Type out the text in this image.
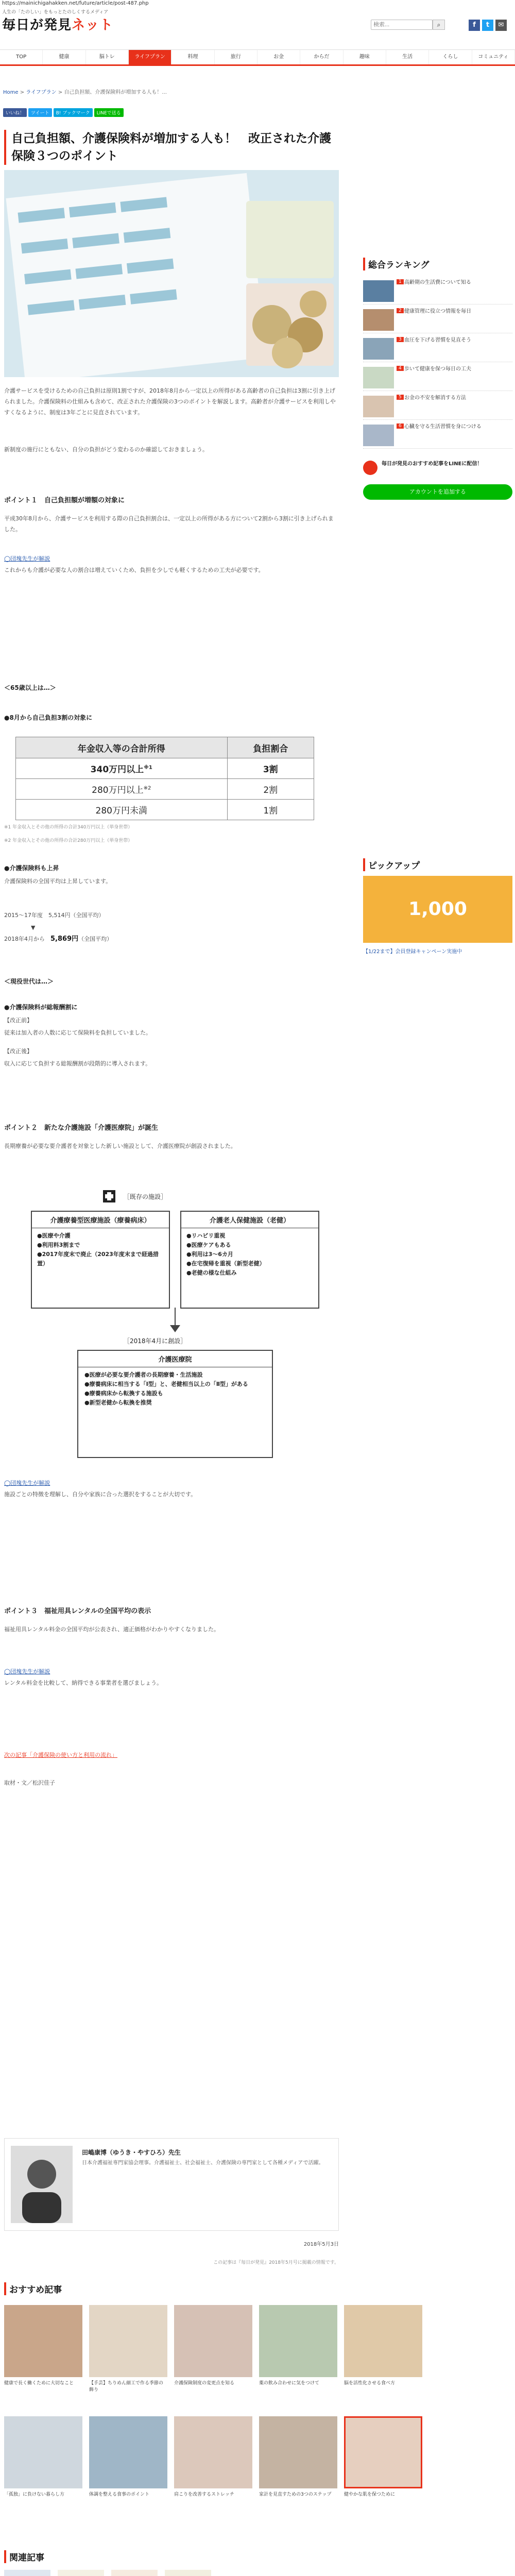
https://mainichigahakken.net/future/article/post-487.php
人生の「たのしい」をもっとたのしくするメディア
毎日が発見ネット
検索...	⌕	f	t	✉
TOP	健康	脳トレ	ライフプラン	料理	旅行	お金	からだ	趣味	生活	くらし	コミュニティ
Home > ライフプラン > 自己負担額、介護保険料が増加する人も！...
いいね！	ツイート	B! ブックマーク	LINEで送る
自己負担額、介護保険料が増加する人も！　改正された介護保険３つのポイント
介護サービスを受けるための自己負担は原則1割ですが、2018年8月から一定以上の所得がある高齢者の自己負担は3割に引き上げられました。介護保険料の仕組みも含めて、改正された介護保険の3つのポイントを解説します。高齢者が介護サービスを利用しやすくなるように、制度は3年ごとに見直されています。
新制度の施行にともない、自分の負担がどう変わるのか確認しておきましょう。
ポイント１　自己負担額が増額の対象に
平成30年8月から、介護サービスを利用する際の自己負担割合は、一定以上の所得がある方について2割から3割に引き上げられました。
◯団塊先生が解説
これからも介護が必要な人の割合は増えていくため、負担を少しでも軽くするための工夫が必要です。
＜65歳以上は…＞
●8月から自己負担3割の対象に
年金収入等の合計所得	負担割合
340万円以上$^{※1}$	3割
280万円以上$^{※2}$	2割
280万円未満	1割
※1 年金収入とその他の所得の合計340万円以上（単身世帯）
※2 年金収入とその他の所得の合計280万円以上（単身世帯）
●介護保険料も上昇
介護保険料の全国平均は上昇しています。
2015〜17年度　5,514円（全国平均）
▼
2018年4月から　 5,869円（全国平均）
＜現役世代は…＞
●介護保険料が総報酬割に
【改正前】
従来は加入者の人数に応じて保険料を負担していました。
【改正後】
収入に応じて負担する総報酬割が段階的に導入されます。
ポイント２　新たな介護施設「介護医療院」が誕生
長期療養が必要な要介護者を対象とした新しい施設として、介護医療院が創設されました。
［既存の施設］
介護療養型医療施設（療養病床）
●医療や介護
●利用料3割まで
●2017年度末で廃止（2023年度末まで経過措置）
介護老人保健施設（老健）
●リハビリ重視
●医療ケアもある
●利用は3〜6カ月
●在宅復帰を重視（新型老健）
●老健の様な仕組み
［2018年4月に創設］
介護医療院
●医療が必要な要介護者の長期療養・生活施設
●療養病床に相当する「Ⅰ型」と、老健相当以上の「Ⅱ型」がある
●療養病床から転換する施設も
●新型老健から転換を推奨
◯団塊先生が解説
施設ごとの特徴を理解し、自分や家族に合った選択をすることが大切です。
ポイント３　福祉用具レンタルの全国平均の表示
福祉用具レンタル料金の全国平均が公表され、適正価格がわかりやすくなりました。
◯団塊先生が解説
レンタル料金を比較して、納得できる事業者を選びましょう。
次の記事「介護保険の使い方と利用の流れ」
取材・文／松沢佳子
田嶋康博（ゆうき・やすひろ）先生
日本介護福祉専門家協会理事。介護福祉士、社会福祉士、介護保険の専門家として各種メディアで活躍。
2018年5月3日
この記事は『毎日が発見』2018年5月号に掲載の情報です。
おすすめ記事
健康で長く働くために大切なこと	【手芸】ちりめん細工で作る季節の飾り
介護保険制度の変更点を知る	薬の飲み合わせに気をつけて	脳を活性化させる食べ方
「孤独」に負けない暮らし方	体調を整える食事のポイント	肩こりを改善するストレッチ	家計を見直すための3つのステップ	健やかな肌を保つために
関連記事
総合ランキング
1 高齢期の生活費について知る
2 健康管理に役立つ情報を毎日
3 血圧を下げる習慣を見直そう
4 歩いて健康を保つ毎日の工夫
5 お金の不安を解消する方法
6 心臓を守る生活習慣を身につける
毎日が発見のおすすめ記事をLINEに配信！
アカウントを追加する
ピックアップ
1,000
【1/22まで】会員登録キャンペーン実施中
